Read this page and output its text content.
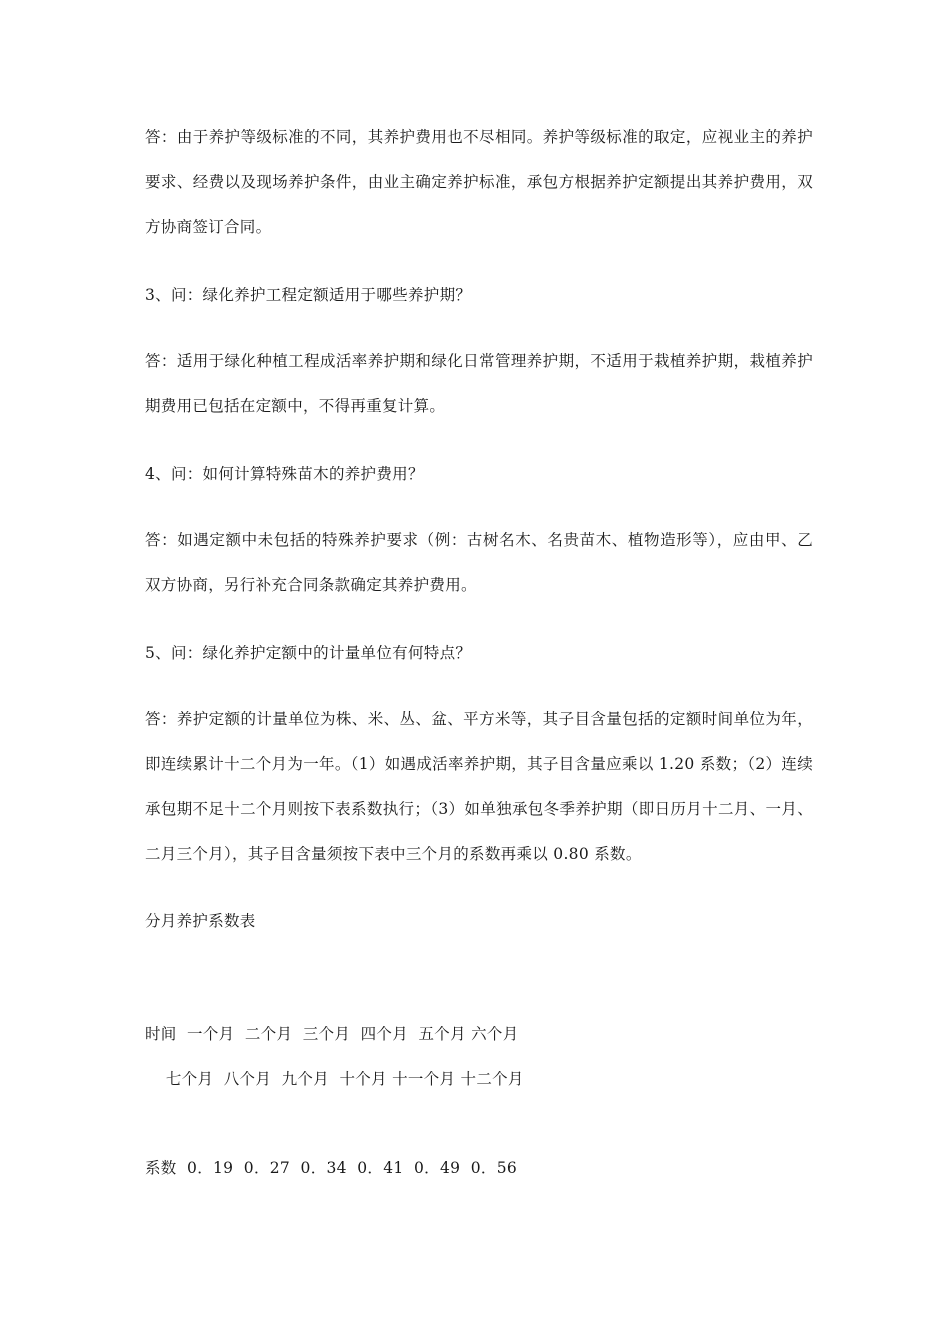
答：由于养护等级标准的不同，其养护费用也不尽相同。养护等级标准的取定，应视业主的养护要求、经费以及现场养护条件，由业主确定养护标准，承包方根据养护定额提出其养护费用，双方协商签订合同。
3、问：绿化养护工程定额适用于哪些养护期？
答：适用于绿化种植工程成活率养护期和绿化日常管理养护期，不适用于栽植养护期，栽植养护期费用已包括在定额中，不得再重复计算。
4、问：如何计算特殊苗木的养护费用？
答：如遇定额中未包括的特殊养护要求（例：古树名木、名贵苗木、植物造形等），应由甲、乙双方协商，另行补充合同条款确定其养护费用。
5、问：绿化养护定额中的计量单位有何特点？
答：养护定额的计量单位为株、米、丛、盆、平方米等，其子目含量包括的定额时间单位为年，即连续累计十二个月为一年。（1）如遇成活率养护期，其子目含量应乘以 1.20 系数；（2）连续承包期不足十二个月则按下表系数执行；（3）如单独承包冬季养护期（即日历月十二月、一月、二月三个月），其子目含量须按下表中三个月的系数再乘以 0.80 系数。
分月养护系数表
时间  一个月  二个月  三个月  四个月  五个月 六个月
七个月  八个月  九个月  十个月 十一个月 十二个月
系数  0．19  0．27  0．34  0．41  0．49  0．56
